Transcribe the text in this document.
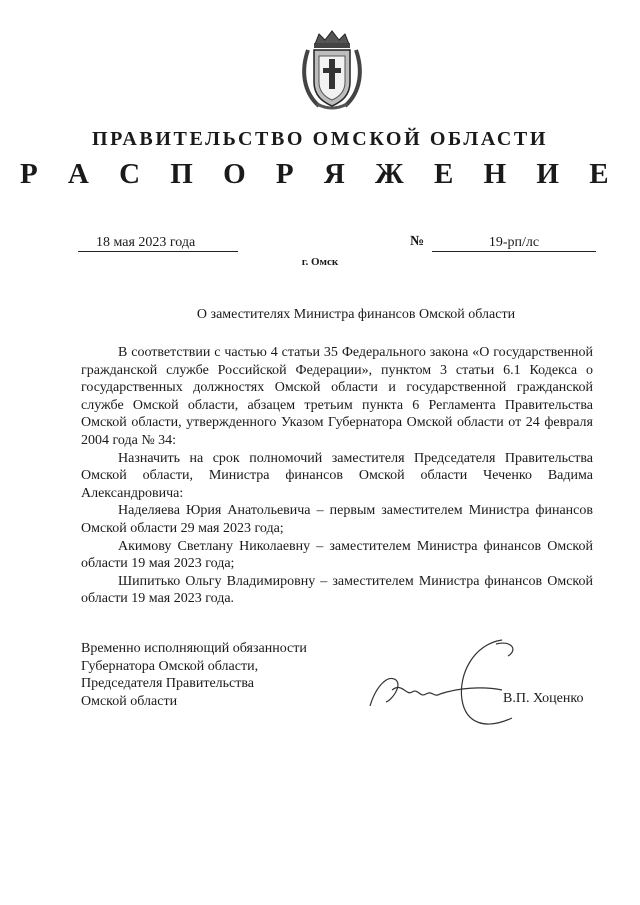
ПРАВИТЕЛЬСТВО ОМСКОЙ ОБЛАСТИ
Р А С П О Р Я Ж Е Н И Е
18 мая 2023 года	№	19-рп/лс
г. Омск
О заместителях Министра финансов Омской области

В соответствии с частью 4 статьи 35 Федерального закона «О государственной гражданской службе Российской Федерации», пунктом 3 статьи 6.1 Кодекса о государственных должностях Омской области и государственной гражданской службе Омской области, абзацем третьим пункта 6 Регламента Правительства Омской области, утвержденного Указом Губернатора Омской области от 24 февраля 2004 года № 34:

Назначить на срок полномочий заместителя Председателя Правительства Омской области, Министра финансов Омской области Чеченко Вадима Александровича:

Наделяева Юрия Анатольевича – первым заместителем Министра финансов Омской области 29 мая 2023 года;

Акимову Светлану Николаевну – заместителем Министра финансов Омской области 19 мая 2023 года;

Шипитько Ольгу Владимировну – заместителем Министра финансов Омской области 19 мая 2023 года.

Временно исполняющий обязанности
Губернатора Омской области,
Председателя Правительства
Омской области	В.П. Хоценко
